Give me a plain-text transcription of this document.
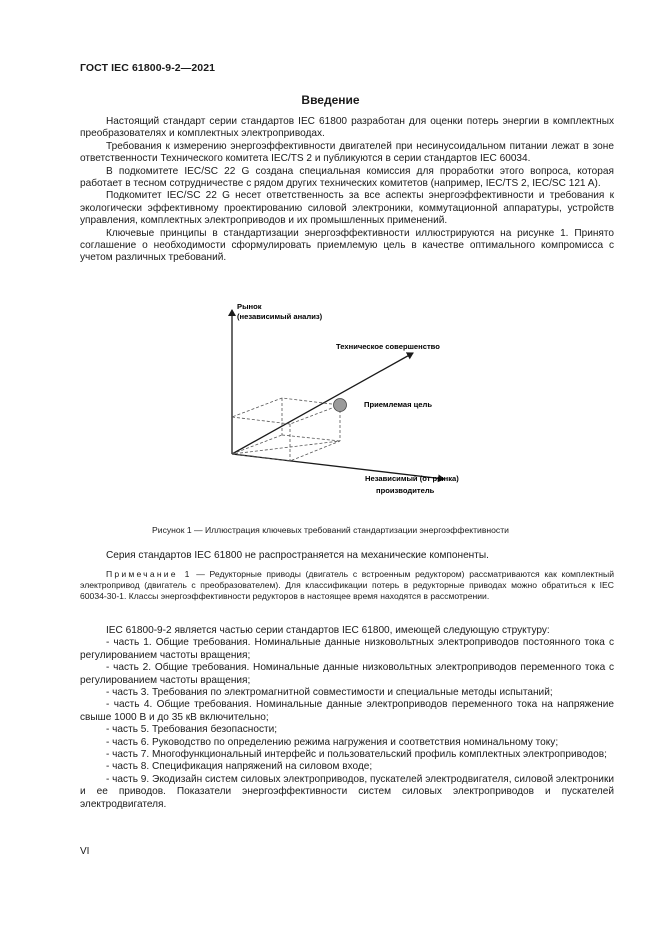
ГОСТ IEC 61800-9-2—2021
Введение

Настоящий стандарт серии стандартов IEC 61800 разработан для оценки потерь энергии в комплектных преобразователях и комплектных электроприводах.

Требования к измерению энергоэффективности двигателей при несинусоидальном питании лежат в зоне ответственности Технического комитета IEC/TS 2 и публикуются в серии стандартов IEC 60034.

В подкомитете IEC/SC 22 G создана специальная комиссия для проработки этого вопроса, которая работает в тесном сотрудничестве с рядом других технических комитетов (например, IEC/TS 2, IEC/SC 121 A).

Подкомитет IEC/SC 22 G несет ответственность за все аспекты энергоэффективности и требования к экологически эффективному проектированию силовой электроники, коммутационной аппаратуры, устройств управления, комплектных электроприводов и их промышленных применений.

Ключевые принципы в стандартизации энергоэффективности иллюстрируются на рисунке 1. Принято соглашение о необходимости сформулировать приемлемую цель в качестве оптимального компромисса с учетом различных требований.

Рынок
(независимый анализ)
Техническое совершенство
Приемлемая цель
Независимый (от рынка)
производитель
Рисунок 1 — Иллюстрация ключевых требований стандартизации энергоэффективности

Серия стандартов IEC 61800 не распространяется на механические компоненты.

Примечание 1 — Редукторные приводы (двигатель с встроенным редуктором) рассматриваются как комплектный электропривод (двигатель с преобразователем). Для классификации потерь в редукторные приводах можно обратиться к IEC 60034-30-1. Классы энергоэффективности редукторов в настоящее время находятся в рассмотрении.

IEC 61800-9-2 является частью серии стандартов IEC 61800, имеющей следующую структуру:

- часть 1. Общие требования. Номинальные данные низковольтных электроприводов постоянного тока с регулированием частоты вращения;

- часть 2. Общие требования. Номинальные данные низковольтных электроприводов переменного тока с регулированием частоты вращения;

- часть 3. Требования по электромагнитной совместимости и специальные методы испытаний;

- часть 4. Общие требования. Номинальные данные электроприводов переменного тока на напряжение свыше 1000 В и до 35 кВ включительно;

- часть 5. Требования безопасности;

- часть 6. Руководство по определению режима нагружения и соответствия номинальному току;

- часть 7. Многофункциональный интерфейс и пользовательский профиль комплектных электроприводов;

- часть 8. Спецификация напряжений на силовом входе;

- часть 9. Экодизайн систем силовых электроприводов, пускателей электродвигателя, силовой электроники и ее приводов. Показатели энергоэффективности систем силовых электроприводов и пускателей электродвигателя.

VI
